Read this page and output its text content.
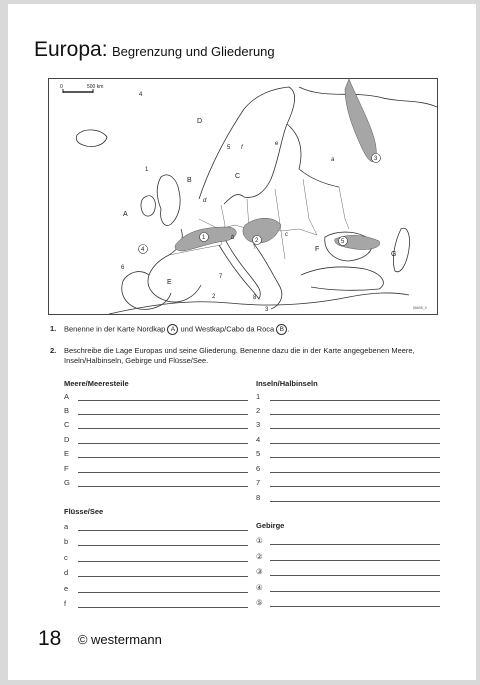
Europa: Begrenzung und Gliederung
0	500 km
A
B
C
D
E
F
G
1
2
3
4
5
6
7
8
a
b	c
d
e
f
1	2
3
4
5
56695_3
1. Benenne in der Karte Nordkap A und Westkap/Cabo da Roca B .
2. Beschreibe die Lage Europas und seine Gliederung. Benenne dazu die in der Karte angegebenen Meere, Inseln/Halbinseln, Gebirge und Flüsse/See.
Meere/Meeresteile	Inseln/Halbinseln
Flüsse/See
Gebirge
A
B
C
D
E
F
G
1
2
3
4
5
6
7
8
a
b
c
d
e
f
①
②
③
④
⑤
18 © westermann
